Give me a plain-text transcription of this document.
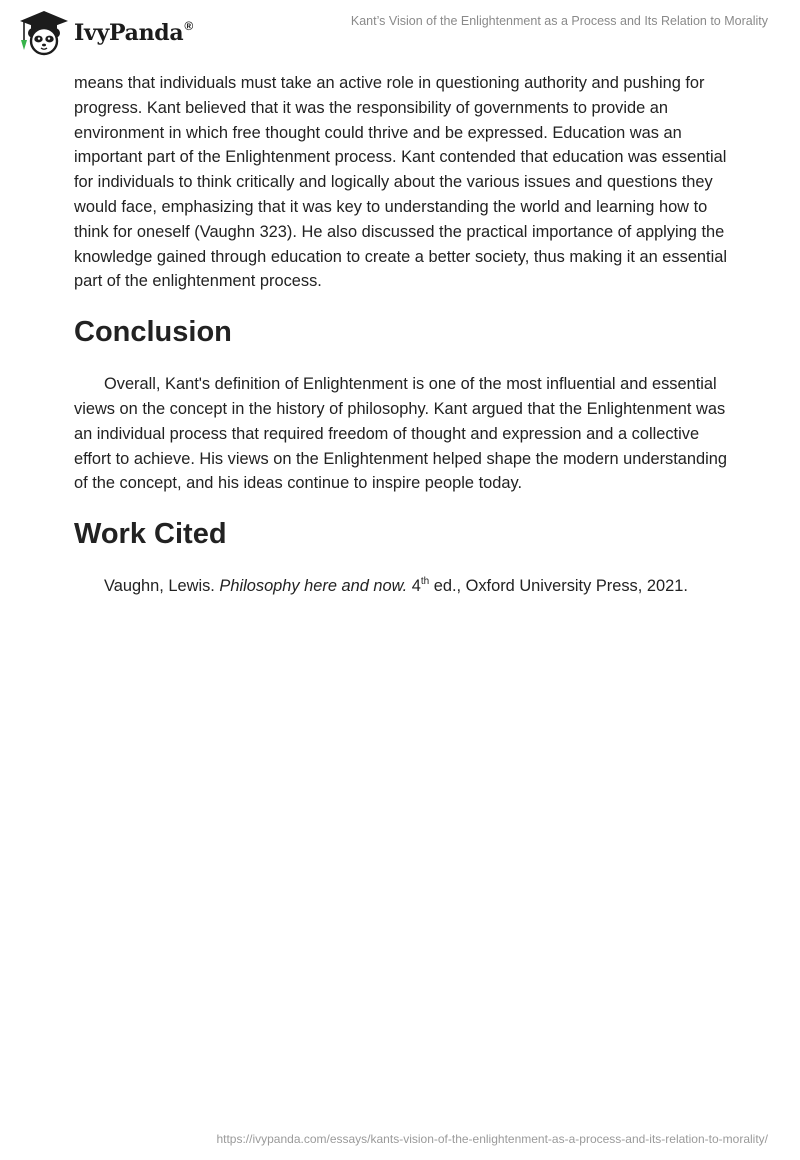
IvyPanda®	Kant’s Vision of the Enlightenment as a Process and Its Relation to Morality

means that individuals must take an active role in questioning authority and pushing for progress. Kant believed that it was the responsibility of governments to provide an environment in which free thought could thrive and be expressed. Education was an important part of the Enlightenment process. Kant contended that education was essential for individuals to think critically and logically about the various issues and questions they would face, emphasizing that it was key to understanding the world and learning how to think for oneself (Vaughn 323). He also discussed the practical importance of applying the knowledge gained through education to create a better society, thus making it an essential part of the enlightenment process.

Conclusion

Overall, Kant's definition of Enlightenment is one of the most influential and essential views on the concept in the history of philosophy. Kant argued that the Enlightenment was an individual process that required freedom of thought and expression and a collective effort to achieve. His views on the Enlightenment helped shape the modern understanding of the concept, and his ideas continue to inspire people today.

Work Cited
Vaughn, Lewis. Philosophy here and now. 4th ed., Oxford University Press, 2021.
https://ivypanda.com/essays/kants-vision-of-the-enlightenment-as-a-process-and-its-relation-to-morality/
